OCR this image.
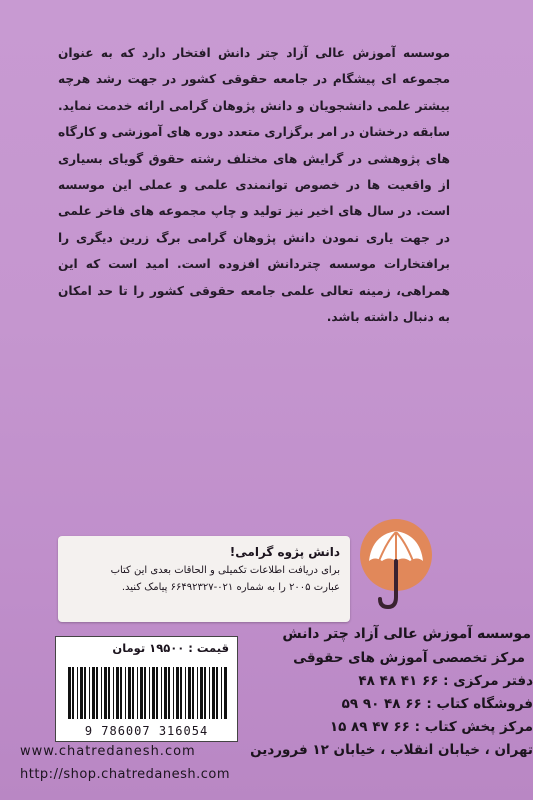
موسسه آموزش عالی آزاد چتر دانش افتخار دارد که به عنوان مجموعه ای پیشگام در جامعه حقوقی کشور در جهت رشد هرچه بیشتر علمی دانشجویان و دانش پژوهان گرامی ارائه خدمت نماید. سابقه درخشان در امر برگزاری متعدد دوره های آموزشی و کارگاه های پژوهشی در گرایش های مختلف رشته حقوق گویای بسیاری از واقعیت ها در خصوص توانمندی علمی و عملی این موسسه است. در سال های اخیر نیز تولید و چاپ مجموعه های فاخر علمی در جهت یاری نمودن دانش پژوهان گرامی برگ زرین دیگری را برافتخارات موسسه چتردانش افزوده است. امید است که این همراهی، زمینه تعالی علمی جامعه حقوقی کشور را تا حد امکان به دنبال داشته باشد.

دانش پژوه گرامی!
برای دریافت اطلاعات تکمیلی و الحاقات بعدی این کتاب
عبارت ۲۰۰۵ را به شماره ۰۲۱-۶۶۴۹۲۳۲۷ پیامک کنید.
قیمت : ۱۹۵۰۰ تومان
9 786007 316054
www.chatredanesh.com
http://shop.chatredanesh.com
موسسه آموزش عالی آزاد چتر دانش
مرکز تخصصی آموزش های حقوقی
دفتر مرکزی : ۶۶ ۴۱ ۴۸ ۴۸
فروشگاه کتاب : ۶۶ ۴۸ ۹۰ ۵۹
مرکز پخش کتاب : ۶۶ ۴۷ ۸۹ ۱۵
تهران ، خیابان انقلاب ، خیابان ۱۲ فروردین
